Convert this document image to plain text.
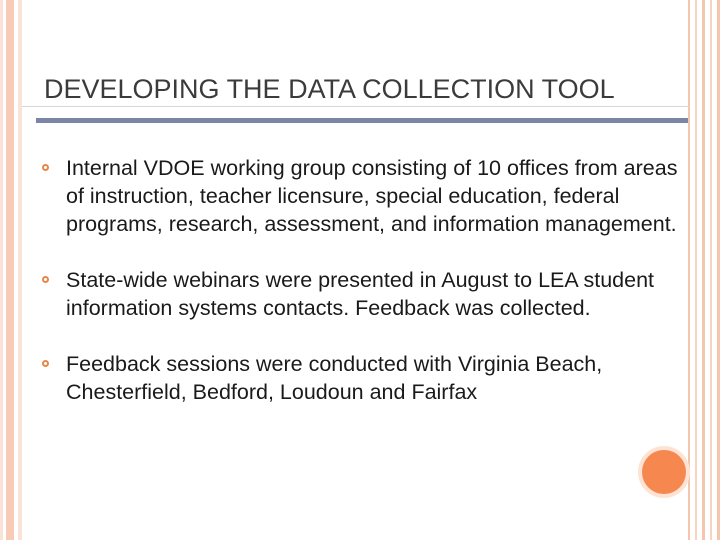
DEVELOPING THE DATA COLLECTION TOOL
Internal VDOE working group consisting of 10 offices from areas of instruction, teacher licensure, special education, federal programs, research, assessment, and information management.
State-wide webinars were presented in August to LEA student information systems contacts. Feedback was collected.
Feedback sessions were conducted with Virginia Beach, Chesterfield, Bedford, Loudoun and Fairfax
